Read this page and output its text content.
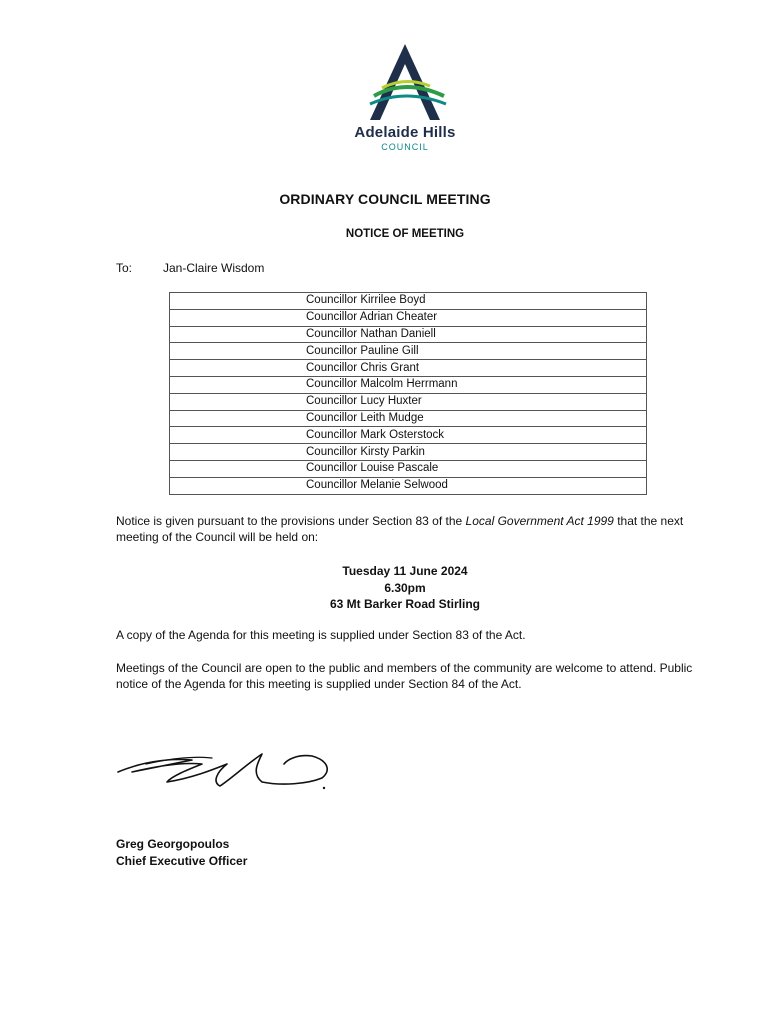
Adelaide Hills
COUNCIL
ORDINARY COUNCIL MEETING
NOTICE OF MEETING
To:	Jan-Claire Wisdom
Councillor Kirrilee Boyd
Councillor Adrian Cheater
Councillor Nathan Daniell
Councillor Pauline Gill
Councillor Chris Grant
Councillor Malcolm Herrmann
Councillor Lucy Huxter
Councillor Leith Mudge
Councillor Mark Osterstock
Councillor Kirsty Parkin
Councillor Louise Pascale
Councillor Melanie Selwood
Notice is given pursuant to the provisions under Section 83 of the Local Government Act 1999 that the next meeting of the Council will be held on:
Tuesday 11 June 2024
6.30pm
63 Mt Barker Road Stirling
A copy of the Agenda for this meeting is supplied under Section 83 of the Act.
Meetings of the Council are open to the public and members of the community are welcome to attend. Public notice of the Agenda for this meeting is supplied under Section 84 of the Act.
Greg Georgopoulos
Chief Executive Officer
